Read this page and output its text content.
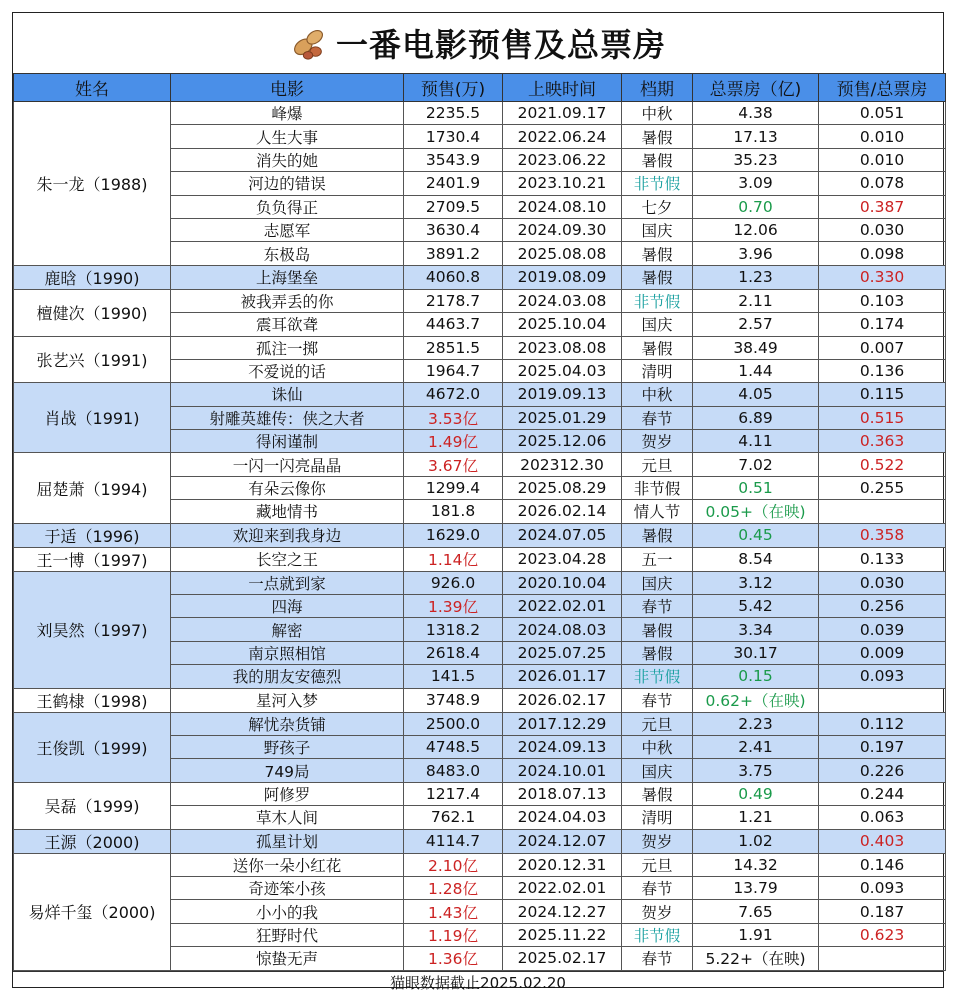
一番电影预售及总票房
姓名	电影	预售(万)	上映时间	档期	总票房（亿)	预售/总票房
朱一龙（1988)	峰爆	2235.5	2021.09.17	中秋	4.38	0.051
	人生大事	1730.4	2022.06.24	暑假	17.13	0.010
	消失的她	3543.9	2023.06.22	暑假	35.23	0.010
	河边的错误	2401.9	2023.10.21	非节假	3.09	0.078
	负负得正	2709.5	2024.08.10	七夕	0.70	0.387
	志愿军	3630.4	2024.09.30	国庆	12.06	0.030
	东极岛	3891.2	2025.08.08	暑假	3.96	0.098
鹿晗（1990)	上海堡垒	4060.8	2019.08.09	暑假	1.23	0.330
檀健次（1990)	被我弄丢的你	2178.7	2024.03.08	非节假	2.11	0.103
	震耳欲聋	4463.7	2025.10.04	国庆	2.57	0.174
张艺兴（1991)	孤注一掷	2851.5	2023.08.08	暑假	38.49	0.007
	不爱说的话	1964.7	2025.04.03	清明	1.44	0.136
肖战（1991)	诛仙	4672.0	2019.09.13	中秋	4.05	0.115
	射雕英雄传：侠之大者	3.53亿	2025.01.29	春节	6.89	0.515
	得闲谨制	1.49亿	2025.12.06	贺岁	4.11	0.363
屈楚萧（1994)	一闪一闪亮晶晶	3.67亿	202312.30	元旦	7.02	0.522
	有朵云像你	1299.4	2025.08.29	非节假	0.51	0.255
	藏地情书	181.8	2026.02.14	情人节	0.05+（在映)	
于适（1996)	欢迎来到我身边	1629.0	2024.07.05	暑假	0.45	0.358
王一博（1997)	长空之王	1.14亿	2023.04.28	五一	8.54	0.133
刘昊然（1997)	一点就到家	926.0	2020.10.04	国庆	3.12	0.030
	四海	1.39亿	2022.02.01	春节	5.42	0.256
	解密	1318.2	2024.08.03	暑假	3.34	0.039
	南京照相馆	2618.4	2025.07.25	暑假	30.17	0.009
	我的朋友安德烈	141.5	2026.01.17	非节假	0.15	0.093
王鹤棣（1998)	星河入梦	3748.9	2026.02.17	春节	0.62+（在映)	
王俊凯（1999)	解忧杂货铺	2500.0	2017.12.29	元旦	2.23	0.112
	野孩子	4748.5	2024.09.13	中秋	2.41	0.197
	749局	8483.0	2024.10.01	国庆	3.75	0.226
吴磊（1999)	阿修罗	1217.4	2018.07.13	暑假	0.49	0.244
	草木人间	762.1	2024.04.03	清明	1.21	0.063
王源（2000)	孤星计划	4114.7	2024.12.07	贺岁	1.02	0.403
易烊千玺（2000)	送你一朵小红花	2.10亿	2020.12.31	元旦	14.32	0.146
	奇迹笨小孩	1.28亿	2022.02.01	春节	13.79	0.093
	小小的我	1.43亿	2024.12.27	贺岁	7.65	0.187
	狂野时代	1.19亿	2025.11.22	非节假	1.91	0.623
	惊蛰无声	1.36亿	2025.02.17	春节	5.22+（在映)	
猫眼数据截止2025.02.20
